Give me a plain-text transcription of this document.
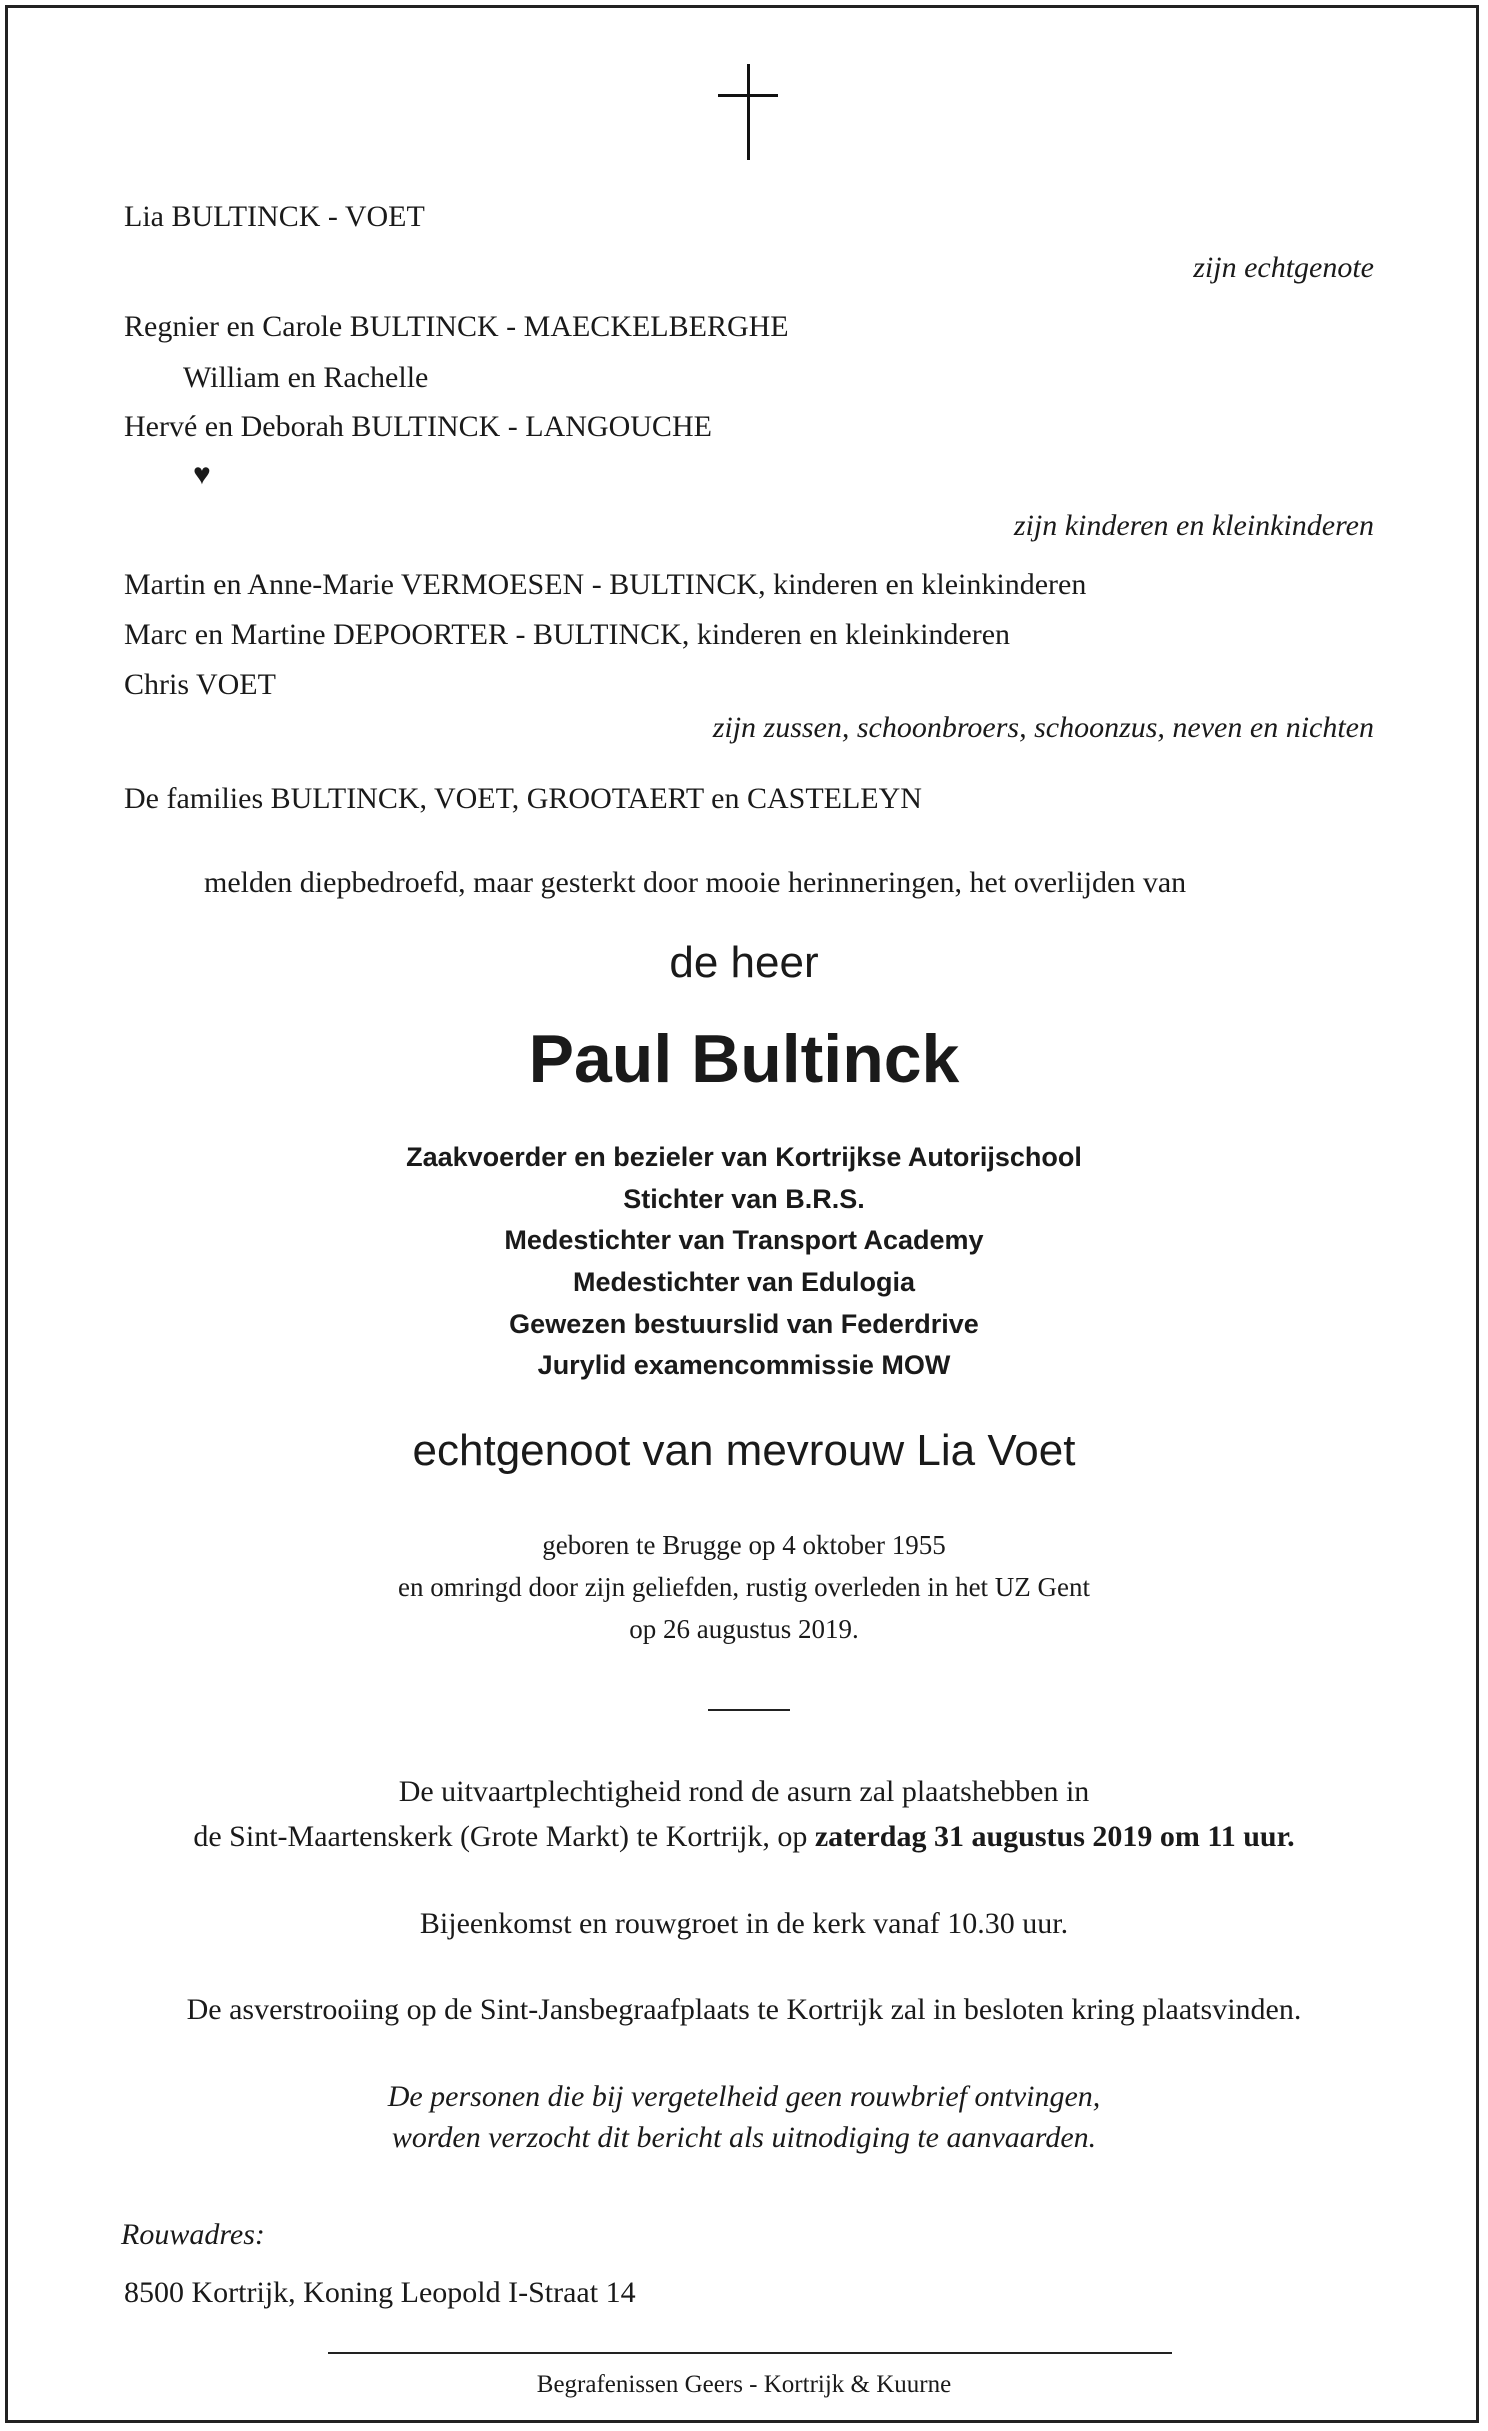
Lia BULTINCK - VOET
zijn echtgenote
Regnier en Carole BULTINCK - MAECKELBERGHE
William en Rachelle
Hervé en Deborah BULTINCK - LANGOUCHE
♥
zijn kinderen en kleinkinderen
Martin en Anne-Marie VERMOESEN - BULTINCK, kinderen en kleinkinderen
Marc en Martine DEPOORTER - BULTINCK, kinderen en kleinkinderen
Chris VOET
zijn zussen, schoonbroers, schoonzus, neven en nichten
De families BULTINCK, VOET, GROOTAERT en CASTELEYN
melden diepbedroefd, maar gesterkt door mooie herinneringen, het overlijden van
de heer
Paul Bultinck
Zaakvoerder en bezieler van Kortrijkse Autorijschool
Stichter van B.R.S.
Medestichter van Transport Academy
Medestichter van Edulogia
Gewezen bestuurslid van Federdrive
Jurylid examencommissie MOW
echtgenoot van mevrouw Lia Voet
geboren te Brugge op 4 oktober 1955
en omringd door zijn geliefden, rustig overleden in het UZ Gent
op 26 augustus 2019.
De uitvaartplechtigheid rond de asurn zal plaatshebben in
de Sint-Maartenskerk (Grote Markt) te Kortrijk, op zaterdag 31 augustus 2019 om 11 uur.
Bijeenkomst en rouwgroet in de kerk vanaf 10.30 uur.
De asverstrooiing op de Sint-Jansbegraafplaats te Kortrijk zal in besloten kring plaatsvinden.
De personen die bij vergetelheid geen rouwbrief ontvingen,
worden verzocht dit bericht als uitnodiging te aanvaarden.
Rouwadres:
8500 Kortrijk, Koning Leopold I-Straat 14
Begrafenissen Geers - Kortrijk & Kuurne
